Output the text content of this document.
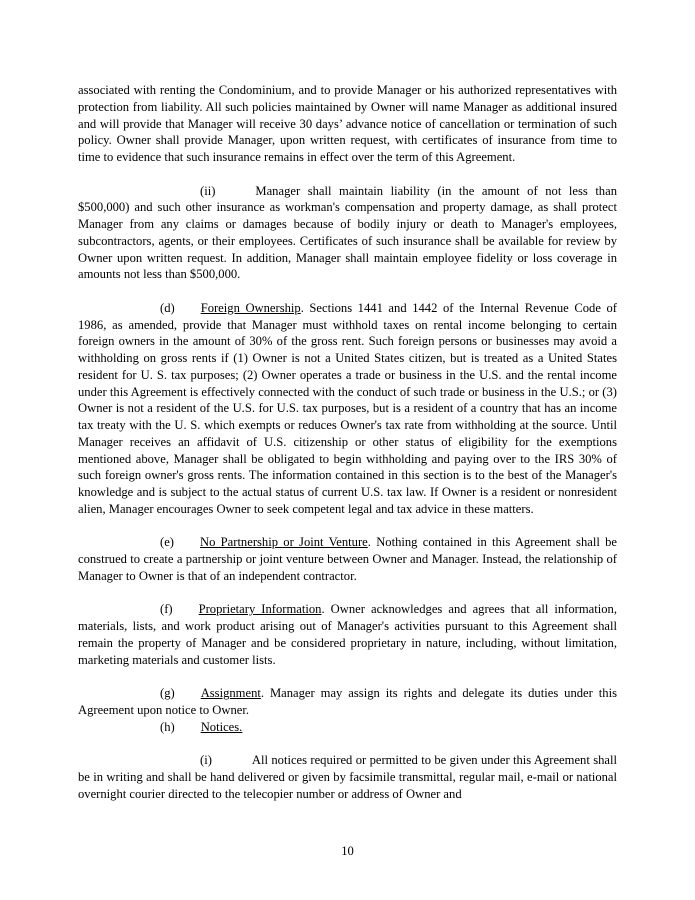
associated with renting the Condominium, and to provide Manager or his authorized representatives with protection from liability. All such policies maintained by Owner will name Manager as additional insured and will provide that Manager will receive 30 days’ advance notice of cancellation or termination of such policy. Owner shall provide Manager, upon written request, with certificates of insurance from time to time to evidence that such insurance remains in effect over the term of this Agreement.

(ii)	Manager shall maintain liability (in the amount of not less than $500,000) and such other insurance as workman's compensation and property damage, as shall protect Manager from any claims or damages because of bodily injury or death to Manager's employees, subcontractors, agents, or their employees. Certificates of such insurance shall be available for review by Owner upon written request. In addition, Manager shall maintain employee fidelity or loss coverage in amounts not less than $500,000.

(d) Foreign Ownership. Sections 1441 and 1442 of the Internal Revenue Code of 1986, as amended, provide that Manager must withhold taxes on rental income belonging to certain foreign owners in the amount of 30% of the gross rent. Such foreign persons or businesses may avoid a withholding on gross rents if (1) Owner is not a United States citizen, but is treated as a United States resident for U. S. tax purposes; (2) Owner operates a trade or business in the U.S. and the rental income under this Agreement is effectively connected with the conduct of such trade or business in the U.S.; or (3) Owner is not a resident of the U.S. for U.S. tax purposes, but is a resident of a country that has an income tax treaty with the U. S. which exempts or reduces Owner's tax rate from withholding at the source. Until Manager receives an affidavit of U.S. citizenship or other status of eligibility for the exemptions mentioned above, Manager shall be obligated to begin withholding and paying over to the IRS 30% of such foreign owner's gross rents. The information contained in this section is to the best of the Manager's knowledge and is subject to the actual status of current U.S. tax law. If Owner is a resident or nonresident alien, Manager encourages Owner to seek competent legal and tax advice in these matters.

(e) No Partnership or Joint Venture. Nothing contained in this Agreement shall be construed to create a partnership or joint venture between Owner and Manager. Instead, the relationship of Manager to Owner is that of an independent contractor.

(f) Proprietary Information. Owner acknowledges and agrees that all information, materials, lists, and work product arising out of Manager's activities pursuant to this Agreement shall remain the property of Manager and be considered proprietary in nature, including, without limitation, marketing materials and customer lists.

(g) Assignment. Manager may assign its rights and delegate its duties under this Agreement upon notice to Owner.

(h) Notices.

(i)	All notices required or permitted to be given under this Agreement shall be in writing and shall be hand delivered or given by facsimile transmittal, regular mail, e-mail or national overnight courier directed to the telecopier number or address of Owner and

10
